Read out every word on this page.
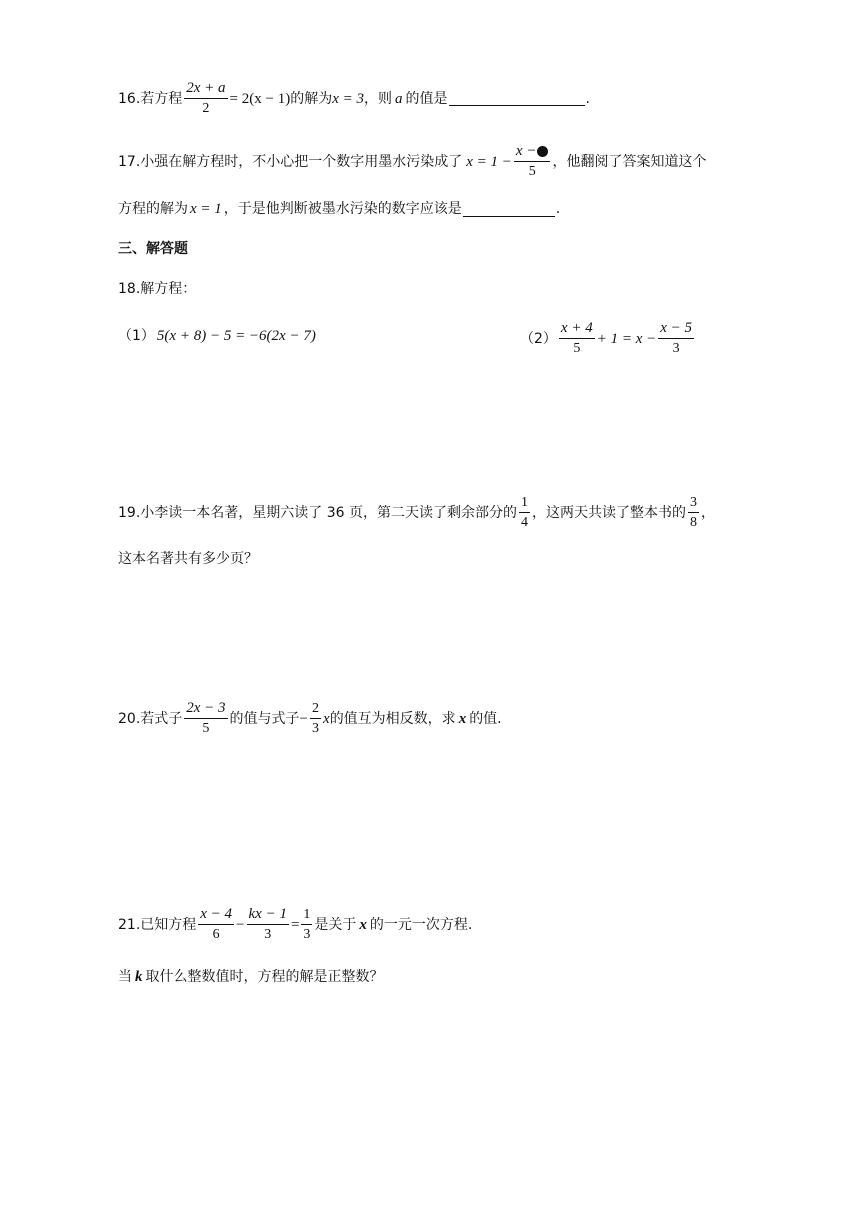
16. 若方程 $\frac{2x + a}{2} = 2(x - 1)$ 的解为 x = 3 ，则 a 的值是	.
17. 小强在解方程时，不小心把一个数字用墨水污染成了 $x = 1 - \frac{x -}{5}$ ，他翻阅了答案知道这个
方程的解为 x = 1 ，于是他判断被墨水污染的数字应该是	.
三、解答题
18. 解方程：
（1） 5(x + 8) − 5 = −6(2x − 7)	$(2) \frac{x + 4}{5} + 1 = x - \frac{x - 5}{3}$
19. 小李读一本名著，星期六读了 36 页，第二天读了剩余部分的 $\frac{1}{4}$ ，这两天共读了整本书的 $\frac{3}{8}$ ，
这本名著共有多少页？
20. 若式子 $\frac{2x - 3}{5}$ 的值与式子 − $\frac{2}{3}$ x 的值互为相反数，求 x 的值.
21. 已知方程 $\frac{x - 4}{6} - \frac{kx - 1}{3} = \frac{1}{3}$ 是关于 x 的一元一次方程.
当 k 取什么整数值时，方程的解是正整数？
